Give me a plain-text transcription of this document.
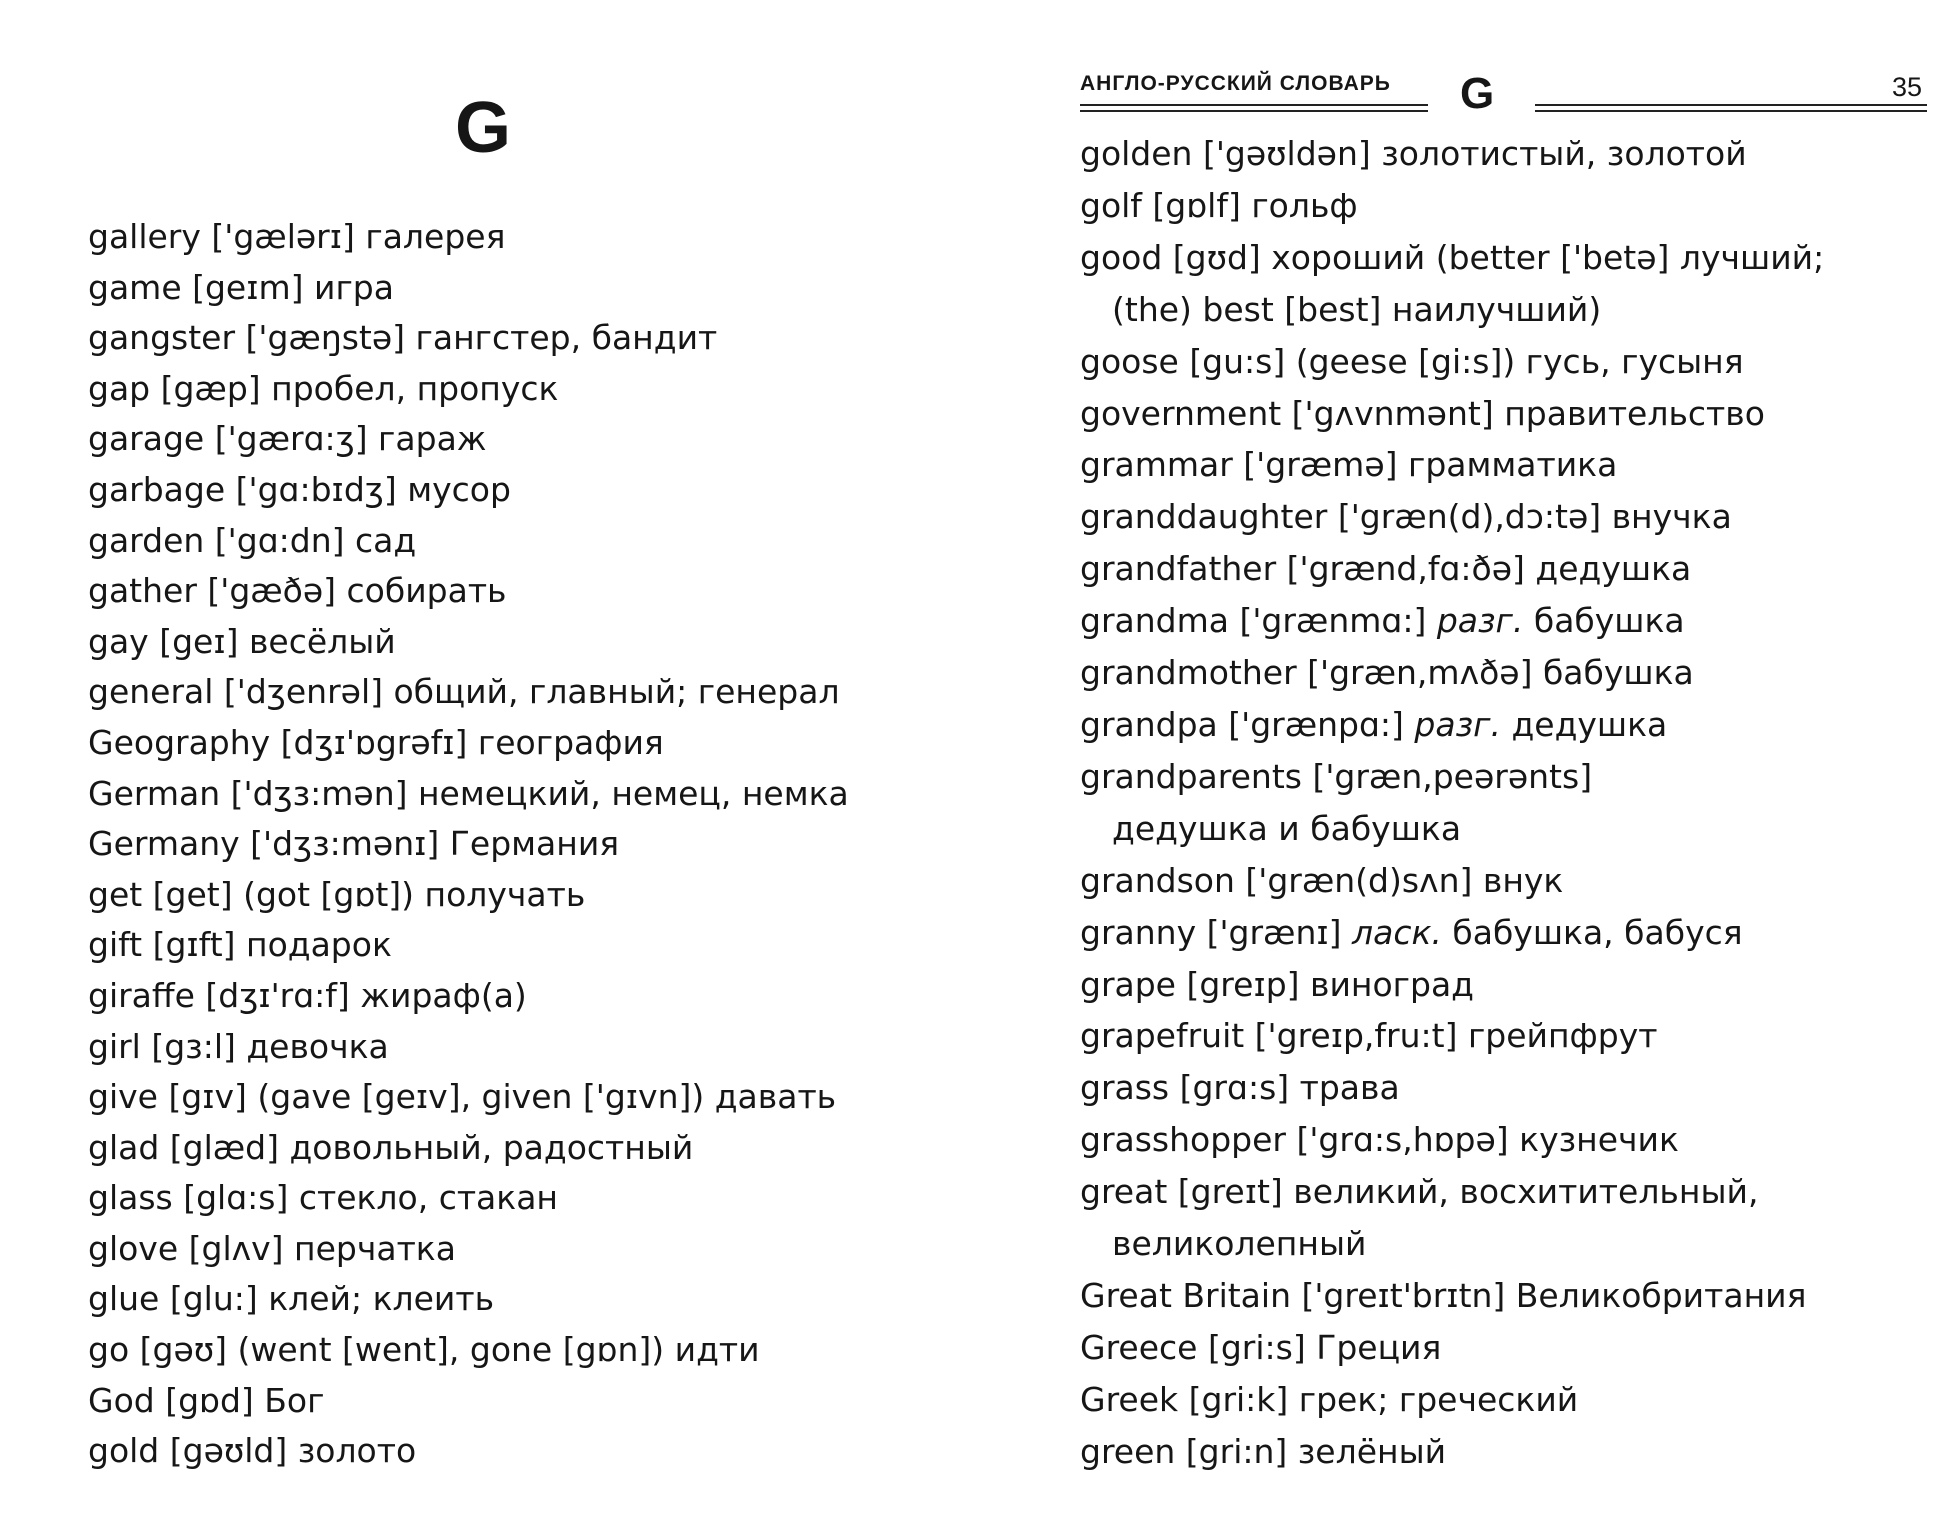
G
gallery ['gælərɪ] галерея
game [geɪm] игра
gangster ['gæŋstə] гангстер, бандит
gap [gæp] пробел, пропуск
garage ['gærɑ:ʒ] гараж
garbage ['gɑ:bɪdʒ] мусор
garden ['gɑ:dn] сад
gather ['gæðə] собирать
gay [geɪ] весёлый
general ['dʒenrəl] общий, главный; генерал
Geography [dʒɪ'ɒgrəfɪ] география
German ['dʒɜ:mən] немецкий, немец, немка
Germany ['dʒɜ:mənɪ] Германия
get [get] (got [gɒt]) получать
gift [gɪft] подарок
giraffe [dʒɪ'rɑ:f] жираф(а)
girl [gɜ:l] девочка
give [gɪv] (gave [geɪv], given ['gɪvn]) давать
glad [glæd] довольный, радостный
glass [glɑ:s] стекло, стакан
glove [glʌv] перчатка
glue [glu:] клей; клеить
go [gəʊ] (went [went], gone [gɒn]) идти
God [gɒd] Бог
gold [gəʊld] золото
АНГЛО-РУССКИЙ СЛОВАРЬ G	35
golden ['gəʊldən] золотистый, золотой
golf [gɒlf] гольф
good [gʊd] хороший (better ['betə] лучший;
(the) best [best] наилучший)
goose [gu:s] (geese [gi:s]) гусь, гусыня
government ['gʌvnmənt] правительство
grammar ['græmə] грамматика
granddaughter ['græn(d),dɔ:tə] внучка
grandfather ['grænd,fɑ:ðə] дедушка
grandma ['grænmɑ:] разг. бабушка
grandmother ['græn,mʌðə] бабушка
grandpa ['grænpɑ:] разг. дедушка
grandparents ['græn,peərənts]
дедушка и бабушка
grandson ['græn(d)sʌn] внук
granny ['grænɪ] ласк. бабушка, бабуся
grape [greɪp] виноград
grapefruit ['greɪp,fru:t] грейпфрут
grass [grɑ:s] трава
grasshopper ['grɑ:s,hɒpə] кузнечик
great [greɪt] великий, восхитительный,
великолепный
Great Britain ['greɪt'brɪtn] Великобритания
Greece [gri:s] Греция
Greek [gri:k] грек; греческий
green [gri:n] зелёный
